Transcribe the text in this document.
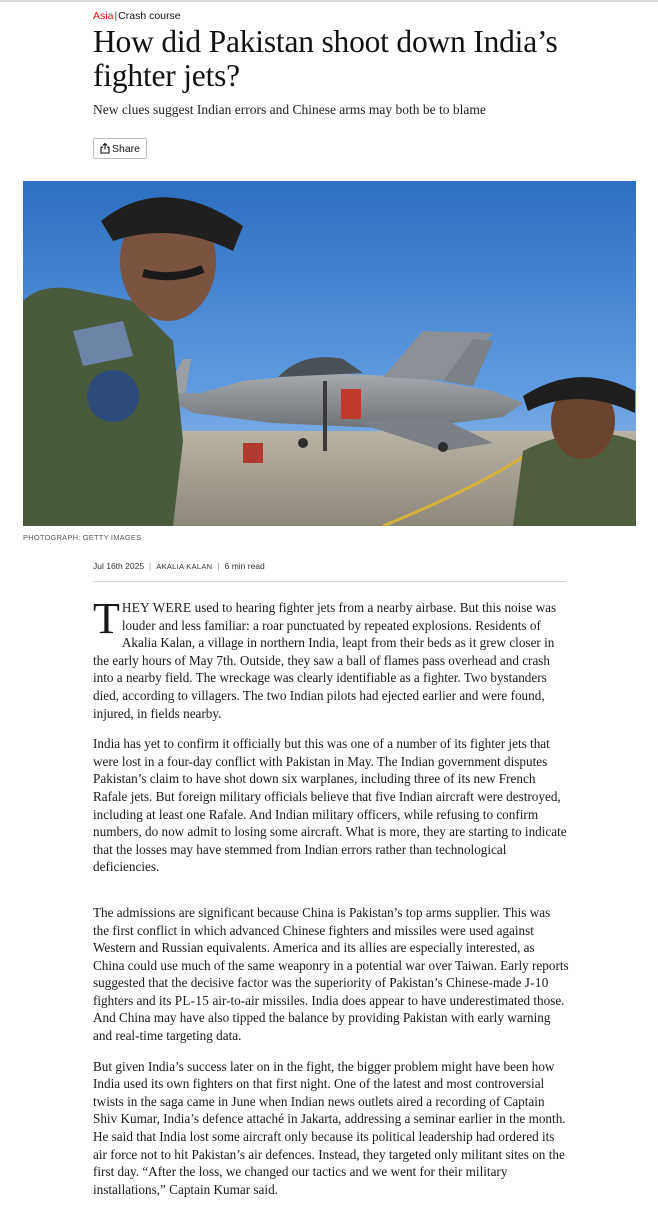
Asia|Crash course
How did Pakistan shoot down India’s fighter jets?

New clues suggest Indian errors and Chinese arms may both be to blame

Share
PHOTOGRAPH: GETTY IMAGES
Jul 16th 2025 | AKALIA KALAN | 6 min read

THEY WERE used to hearing fighter jets from a nearby airbase. But this noise was louder and less familiar: a roar punctuated by repeated explosions. Residents of Akalia Kalan, a village in northern India, leapt from their beds as it grew closer in the early hours of May 7th. Outside, they saw a ball of flames pass overhead and crash into a nearby field. The wreckage was clearly identifiable as a fighter. Two bystanders died, according to villagers. The two Indian pilots had ejected earlier and were found, injured, in fields nearby.

India has yet to confirm it officially but this was one of a number of its fighter jets that were lost in a four-day conflict with Pakistan in May. The Indian government disputes Pakistan’s claim to have shot down six warplanes, including three of its new French Rafale jets. But foreign military officials believe that five Indian aircraft were destroyed, including at least one Rafale. And Indian military officers, while refusing to confirm numbers, do now admit to losing some aircraft. What is more, they are starting to indicate that the losses may have stemmed from Indian errors rather than technological deficiencies.

The admissions are significant because China is Pakistan’s top arms supplier. This was the first conflict in which advanced Chinese fighters and missiles were used against Western and Russian equivalents. America and its allies are especially interested, as China could use much of the same weaponry in a potential war over Taiwan. Early reports suggested that the decisive factor was the superiority of Pakistan’s Chinese-made J-10 fighters and its PL-15 air-to-air missiles. India does appear to have underestimated those. And China may have also tipped the balance by providing Pakistan with early warning and real-time targeting data.

But given India’s success later on in the fight, the bigger problem might have been how India used its own fighters on that first night. One of the latest and most controversial twists in the saga came in June when Indian news outlets aired a recording of Captain Shiv Kumar, India’s defence attaché in Jakarta, addressing a seminar earlier in the month. He said that India lost some aircraft only because its political leadership had ordered its air force not to hit Pakistan’s air defences. Instead, they targeted only militant sites on the first day. “After the loss, we changed our tactics and we went for their military installations,” Captain Kumar said.
